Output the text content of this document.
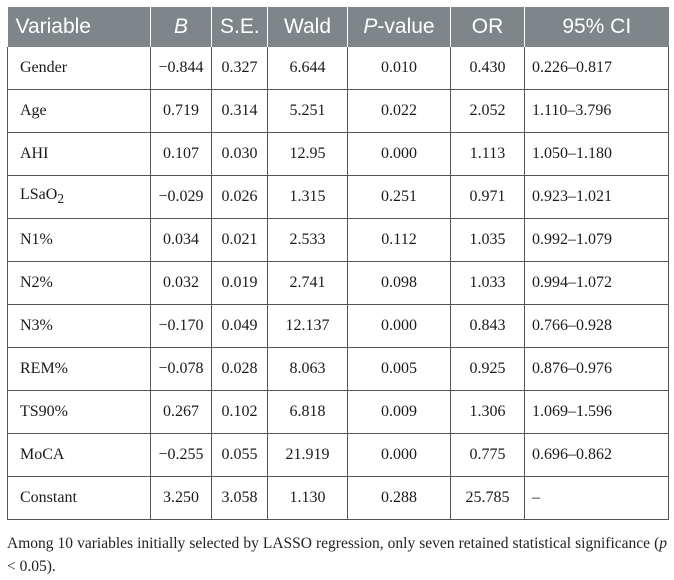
Variable	B	S.E.	Wald	P-value	OR	95% CI
Gender	−0.844	0.327	6.644	0.010	0.430	0.226–0.817
Age	0.719	0.314	5.251	0.022	2.052	1.110–3.796
AHI	0.107	0.030	12.95	0.000	1.113	1.050–1.180
LSaO$_2$	−0.029	0.026	1.315	0.251	0.971	0.923–1.021
N1%	0.034	0.021	2.533	0.112	1.035	0.992–1.079
N2%	0.032	0.019	2.741	0.098	1.033	0.994–1.072
N3%	−0.170	0.049	12.137	0.000	0.843	0.766–0.928
REM%	−0.078	0.028	8.063	0.005	0.925	0.876–0.976
TS90%	0.267	0.102	6.818	0.009	1.306	1.069–1.596
MoCA	−0.255	0.055	21.919	0.000	0.775	0.696–0.862
Constant	3.250	3.058	1.130	0.288	25.785	–
Among 10 variables initially selected by LASSO regression, only seven retained statistical significance (p < 0.05).
